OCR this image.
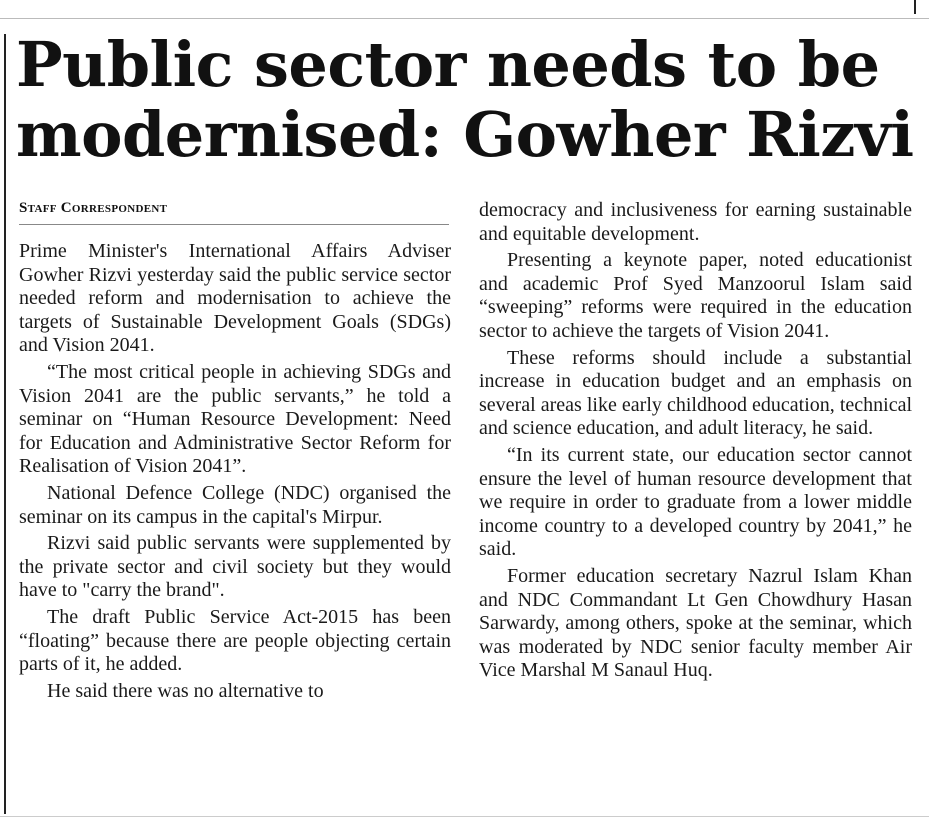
Public sector needs to be
modernised: Gowher Rizvi
Staff Correspondent

Prime Minister's International Affairs Adviser Gowher Rizvi yesterday said the public service sector needed reform and modernisation to achieve the targets of Sustainable Development Goals (SDGs) and Vision 2041.

“The most critical people in achieving SDGs and Vision 2041 are the public servants,” he told a seminar on “Human Resource Development: Need for Education and Administrative Sector Reform for Realisation of Vision 2041”.

National Defence College (NDC) organised the seminar on its campus in the capital's Mirpur.

Rizvi said public servants were supplemented by the private sector and civil society but they would have to "carry the brand".

The draft Public Service Act-2015 has been “floating” because there are people objecting certain parts of it, he added.

He said there was no alternative to

democracy and inclusiveness for earning sustainable and equitable development.

Presenting a keynote paper, noted educationist and academic Prof Syed Manzoorul Islam said “sweeping” reforms were required in the education sector to achieve the targets of Vision 2041.

These reforms should include a substantial increase in education budget and an emphasis on several areas like early childhood education, technical and science education, and adult literacy, he said.

“In its current state, our education sector cannot ensure the level of human resource development that we require in order to graduate from a lower middle income country to a developed country by 2041,” he said.

Former education secretary Nazrul Islam Khan and NDC Commandant Lt Gen Chowdhury Hasan Sarwardy, among others, spoke at the seminar, which was moderated by NDC senior faculty member Air Vice Marshal M Sanaul Huq.
